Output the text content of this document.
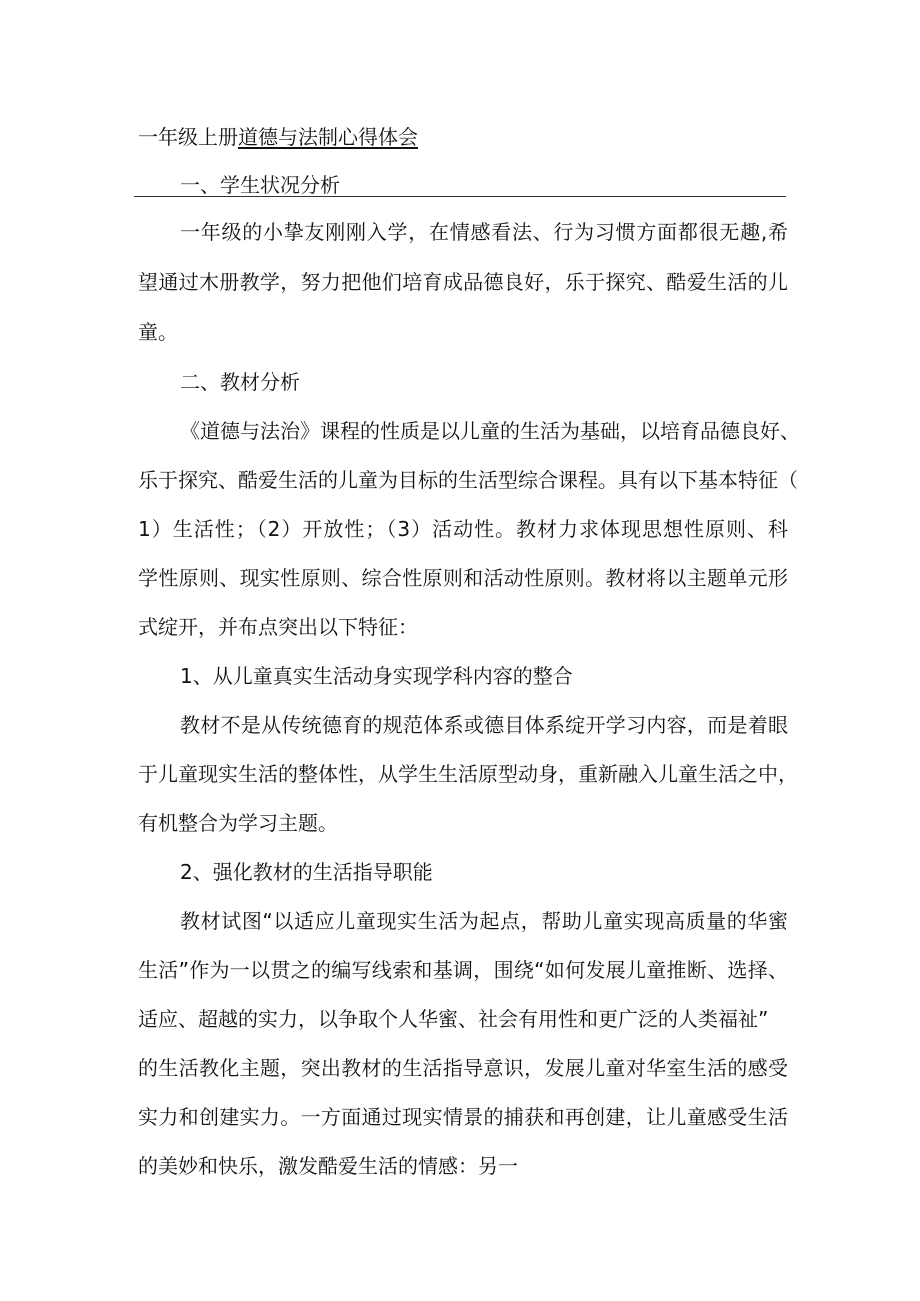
一年级上册道德与法制心得体会
一、学生状况分析
一年级的小挚友刚刚入学，在情感看法、行为习惯方面都很无趣,希
望通过木册教学，努力把他们培育成品德良好，乐于探究、酷爱生活的儿
童。
二、教材分析
《道德与法治》课程的性质是以儿童的生活为基础，以培育品德良好、
乐于探究、酷爱生活的儿童为目标的生活型综合课程。具有以下基本特征（
1）生活性；（2）开放性；（3）活动性。教材力求体现思想性原则、科
学性原则、现实性原则、综合性原则和活动性原则。教材将以主题单元形
式绽开，并布点突出以下特征：
1、从儿童真实生活动身实现学科内容的整合
教材不是从传统德育的规范体系或德目体系绽开学习内容，而是着眼
于儿童现实生活的整体性，从学生生活原型动身，重新融入儿童生活之中，
有机整合为学习主题。
2、强化教材的生活指导职能
教材试图“以适应儿童现实生活为起点，帮助儿童实现高质量的华蜜
生活”作为一以贯之的编写线索和基调，围绕“如何发展儿童推断、选择、
适应、超越的实力，以争取个人华蜜、社会有用性和更广泛的人类福祉”
的生活教化主题，突出教材的生活指导意识，发展儿童对华室生活的感受
实力和创建实力。一方面通过现实情景的捕获和再创建，让儿童感受生活
的美妙和快乐，激发酷爱生活的情感：另一
